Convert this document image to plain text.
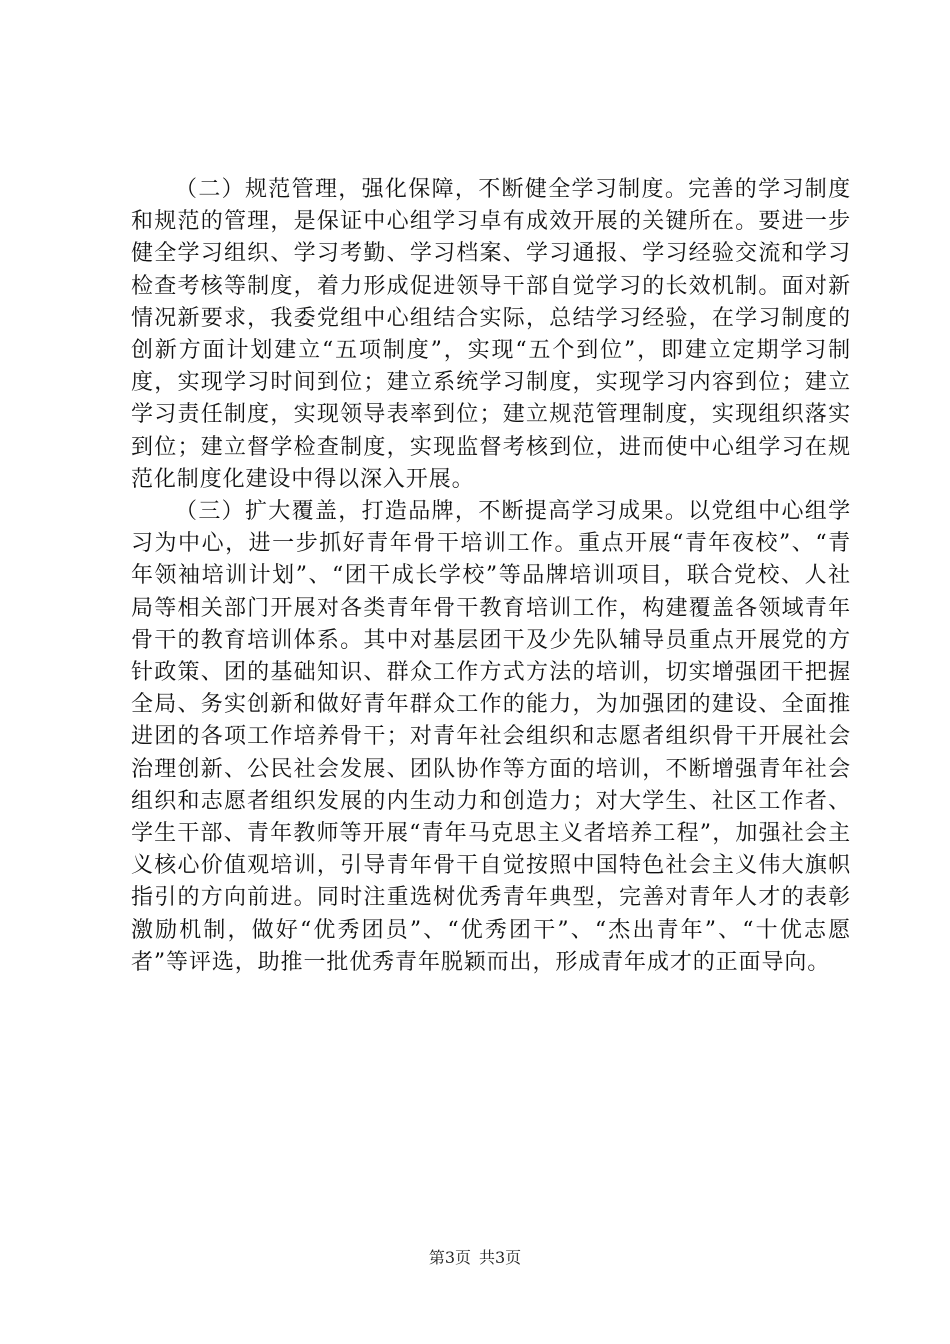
（二）规范管理，强化保障，不断健全学习制度。完善的学习制度和规范的管理，是保证中心组学习卓有成效开展的关键所在。要进一步健全学习组织、学习考勤、学习档案、学习通报、学习经验交流和学习检查考核等制度，着力形成促进领导干部自觉学习的长效机制。面对新情况新要求，我委党组中心组结合实际，总结学习经验，在学习制度的创新方面计划建立“五项制度”，实现“五个到位”，即建立定期学习制度，实现学习时间到位；建立系统学习制度，实现学习内容到位；建立学习责任制度，实现领导表率到位；建立规范管理制度，实现组织落实到位；建立督学检查制度，实现监督考核到位，进而使中心组学习在规范化制度化建设中得以深入开展。

（三）扩大覆盖，打造品牌，不断提高学习成果。以党组中心组学习为中心，进一步抓好青年骨干培训工作。重点开展“青年夜校”、“青年领袖培训计划”、“团干成长学校”等品牌培训项目，联合党校、人社局等相关部门开展对各类青年骨干教育培训工作，构建覆盖各领域青年骨干的教育培训体系。其中对基层团干及少先队辅导员重点开展党的方针政策、团的基础知识、群众工作方式方法的培训，切实增强团干把握全局、务实创新和做好青年群众工作的能力，为加强团的建设、全面推进团的各项工作培养骨干；对青年社会组织和志愿者组织骨干开展社会治理创新、公民社会发展、团队协作等方面的培训，不断增强青年社会组织和志愿者组织发展的内生动力和创造力；对大学生、社区工作者、学生干部、青年教师等开展“青年马克思主义者培养工程”，加强社会主义核心价值观培训，引导青年骨干自觉按照中国特色社会主义伟大旗帜指引的方向前进。同时注重选树优秀青年典型，完善对青年人才的表彰激励机制，做好“优秀团员”、“优秀团干”、“杰出青年”、“十优志愿者”等评选，助推一批优秀青年脱颖而出，形成青年成才的正面导向。

第3页 共3页
